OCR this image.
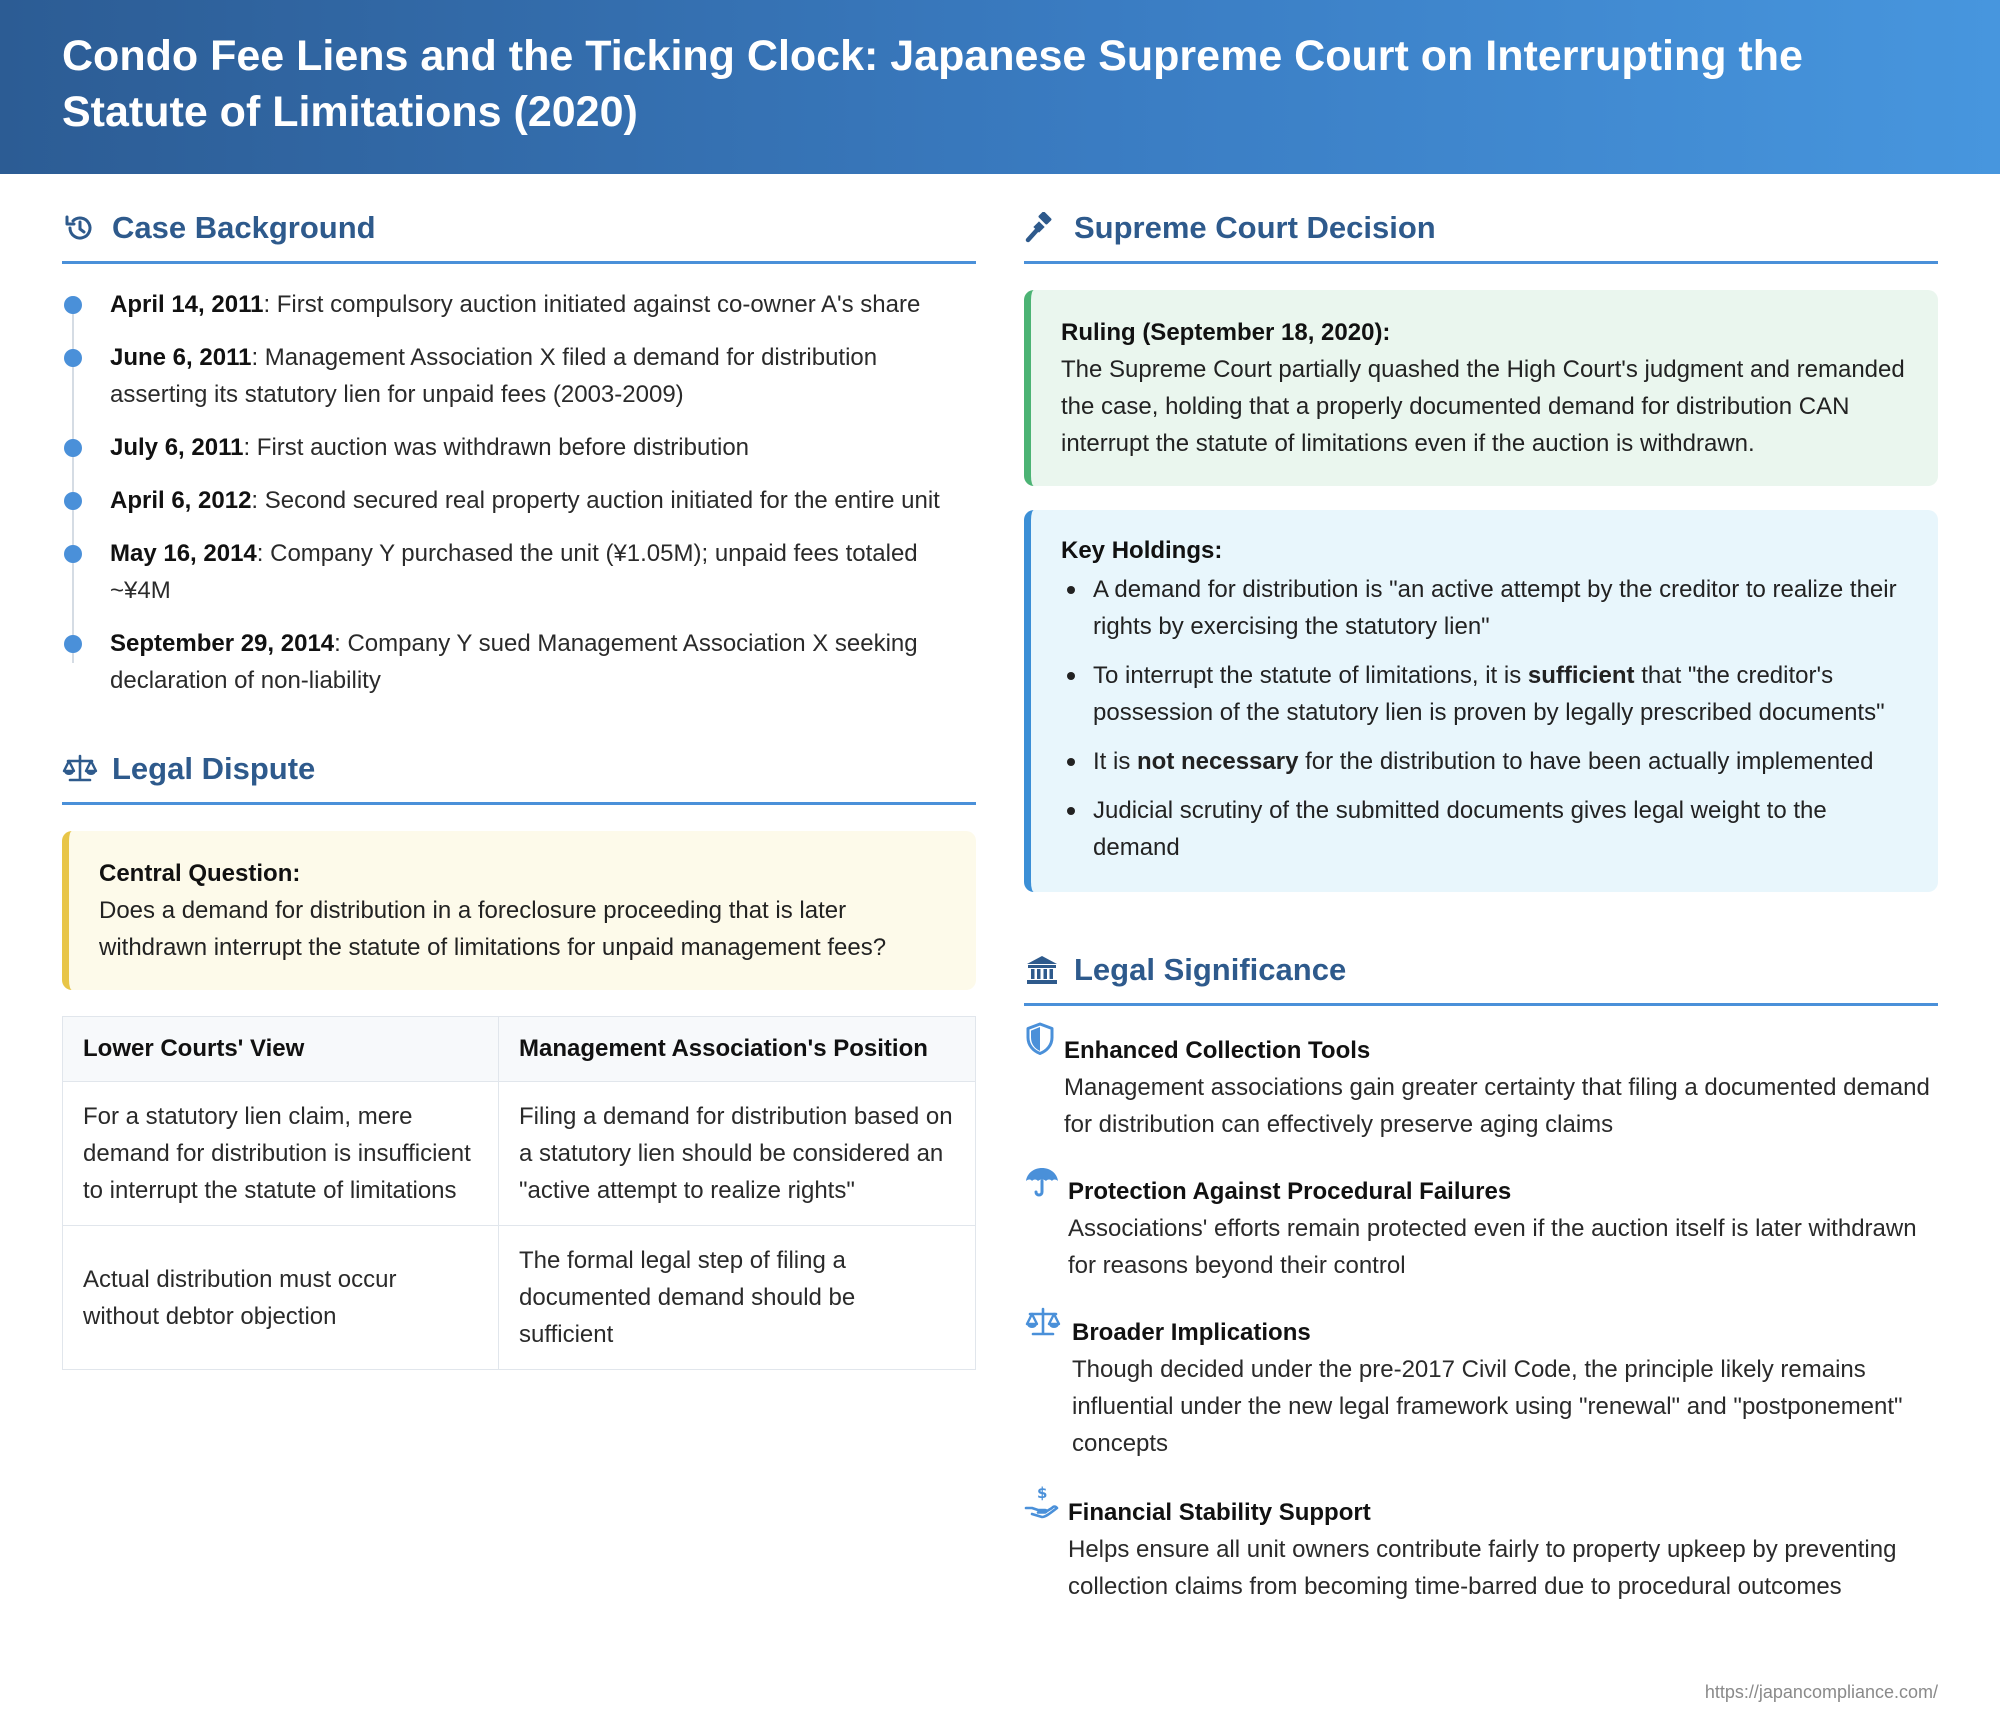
Condo Fee Liens and the Ticking Clock: Japanese Supreme Court on Interrupting the Statute of Limitations (2020)
Case Background
April 14, 2011: First compulsory auction initiated against co-owner A's share
June 6, 2011: Management Association X filed a demand for distribution asserting its statutory lien for unpaid fees (2003-2009)
July 6, 2011: First auction was withdrawn before distribution
April 6, 2012: Second secured real property auction initiated for the entire unit
May 16, 2014: Company Y purchased the unit (¥1.05M); unpaid fees totaled ~¥4M
September 29, 2014: Company Y sued Management Association X seeking declaration of non-liability
Legal Dispute
Central Question:
Does a demand for distribution in a foreclosure proceeding that is later withdrawn interrupt the statute of limitations for unpaid management fees?
Lower Courts' View	Management Association's Position
For a statutory lien claim, mere demand for distribution is insufficient to interrupt the statute of limitations	Filing a demand for distribution based on a statutory lien should be considered an "active attempt to realize rights"
Actual distribution must occur without debtor objection	The formal legal step of filing a documented demand should be sufficient
Supreme Court Decision
Ruling (September 18, 2020):
The Supreme Court partially quashed the High Court's judgment and remanded the case, holding that a properly documented demand for distribution CAN interrupt the statute of limitations even if the auction is withdrawn.
Key Holdings:
A demand for distribution is "an active attempt by the creditor to realize their rights by exercising the statutory lien"
To interrupt the statute of limitations, it is sufficient that "the creditor's possession of the statutory lien is proven by legally prescribed documents"
It is not necessary for the distribution to have been actually implemented
Judicial scrutiny of the submitted documents gives legal weight to the demand
Legal Significance
Enhanced Collection Tools
Management associations gain greater certainty that filing a documented demand for distribution can effectively preserve aging claims
Protection Against Procedural Failures
Associations' efforts remain protected even if the auction itself is later withdrawn for reasons beyond their control
Broader Implications
Though decided under the pre-2017 Civil Code, the principle likely remains influential under the new legal framework using "renewal" and "postponement" concepts
$
Financial Stability Support
Helps ensure all unit owners contribute fairly to property upkeep by preventing collection claims from becoming time-barred due to procedural outcomes
https://japancompliance.com/
